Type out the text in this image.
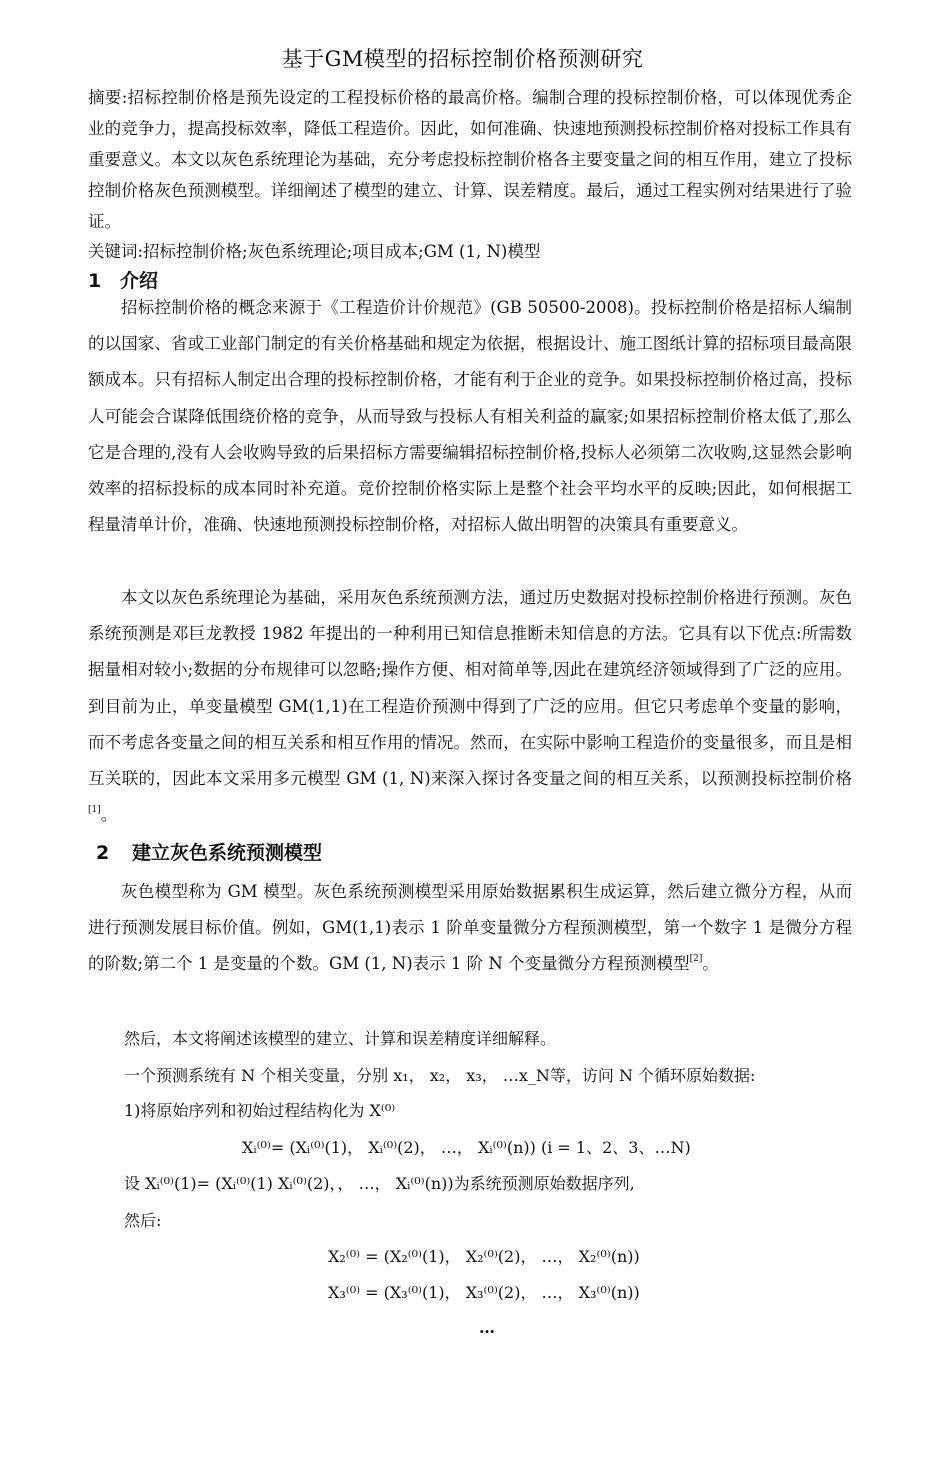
基于GM模型的招标控制价格预测研究
摘要:招标控制价格是预先设定的工程投标价格的最高价格。编制合理的投标控制价格，可以体现优秀企业的竞争力，提高投标效率，降低工程造价。因此，如何准确、快速地预测投标控制价格对投标工作具有重要意义。本文以灰色系统理论为基础，充分考虑投标控制价格各主要变量之间的相互作用，建立了投标控制价格灰色预测模型。详细阐述了模型的建立、计算、误差精度。最后，通过工程实例对结果进行了验证。
关键词:招标控制价格;灰色系统理论;项目成本;GM (1, N)模型
1 介绍
招标控制价格的概念来源于《工程造价计价规范》(GB 50500-2008)。投标控制价格是招标人编制的以国家、省或工业部门制定的有关价格基础和规定为依据，根据设计、施工图纸计算的招标项目最高限额成本。只有招标人制定出合理的投标控制价格，才能有利于企业的竞争。如果投标控制价格过高，投标人可能会合谋降低围绕价格的竞争，从而导致与投标人有相关利益的赢家;如果招标控制价格太低了,那么它是合理的,没有人会收购导致的后果招标方需要编辑招标控制价格,投标人必须第二次收购,这显然会影响效率的招标投标的成本同时补充道。竞价控制价格实际上是整个社会平均水平的反映;因此，如何根据工程量清单计价，准确、快速地预测投标控制价格，对招标人做出明智的决策具有重要意义。
本文以灰色系统理论为基础，采用灰色系统预测方法，通过历史数据对投标控制价格进行预测。灰色系统预测是邓巨龙教授 1982 年提出的一种利用已知信息推断未知信息的方法。它具有以下优点:所需数据量相对较小;数据的分布规律可以忽略;操作方便、相对简单等,因此在建筑经济领域得到了广泛的应用。到目前为止，单变量模型 GM(1,1)在工程造价预测中得到了广泛的应用。但它只考虑单个变量的影响，而不考虑各变量之间的相互关系和相互作用的情况。然而，在实际中影响工程造价的变量很多，而且是相互关联的，因此本文采用多元模型 GM (1, N)来深入探讨各变量之间的相互关系，以预测投标控制价格[1]。
2 建立灰色系统预测模型
灰色模型称为 GM 模型。灰色系统预测模型采用原始数据累积生成运算，然后建立微分方程，从而进行预测发展目标价值。例如，GM(1,1)表示 1 阶单变量微分方程预测模型，第一个数字 1 是微分方程的阶数;第二个 1 是变量的个数。GM (1, N)表示 1 阶 N 个变量微分方程预测模型[2]。
然后，本文将阐述该模型的建立、计算和误差精度详细解释。
一个预测系统有 N 个相关变量，分别 x₁， x₂， x₃， …x_N等，访问 N 个循环原始数据:
1)将原始序列和初始过程结构化为 X⁽⁰⁾
Xᵢ⁽⁰⁾= (Xᵢ⁽⁰⁾(1)， Xᵢ⁽⁰⁾(2)， …， Xᵢ⁽⁰⁾(n)) (i = 1、2、3、…N)
设 Xᵢ⁽⁰⁾(1)= (Xᵢ⁽⁰⁾(1) Xᵢ⁽⁰⁾(2)，， …， Xᵢ⁽⁰⁾(n))为系统预测原始数据序列,
然后:
X₂⁽⁰⁾ = (X₂⁽⁰⁾(1)， X₂⁽⁰⁾(2)， …， X₂⁽⁰⁾(n))
X₃⁽⁰⁾ = (X₃⁽⁰⁾(1)， X₃⁽⁰⁾(2)， …， X₃⁽⁰⁾(n))
…
